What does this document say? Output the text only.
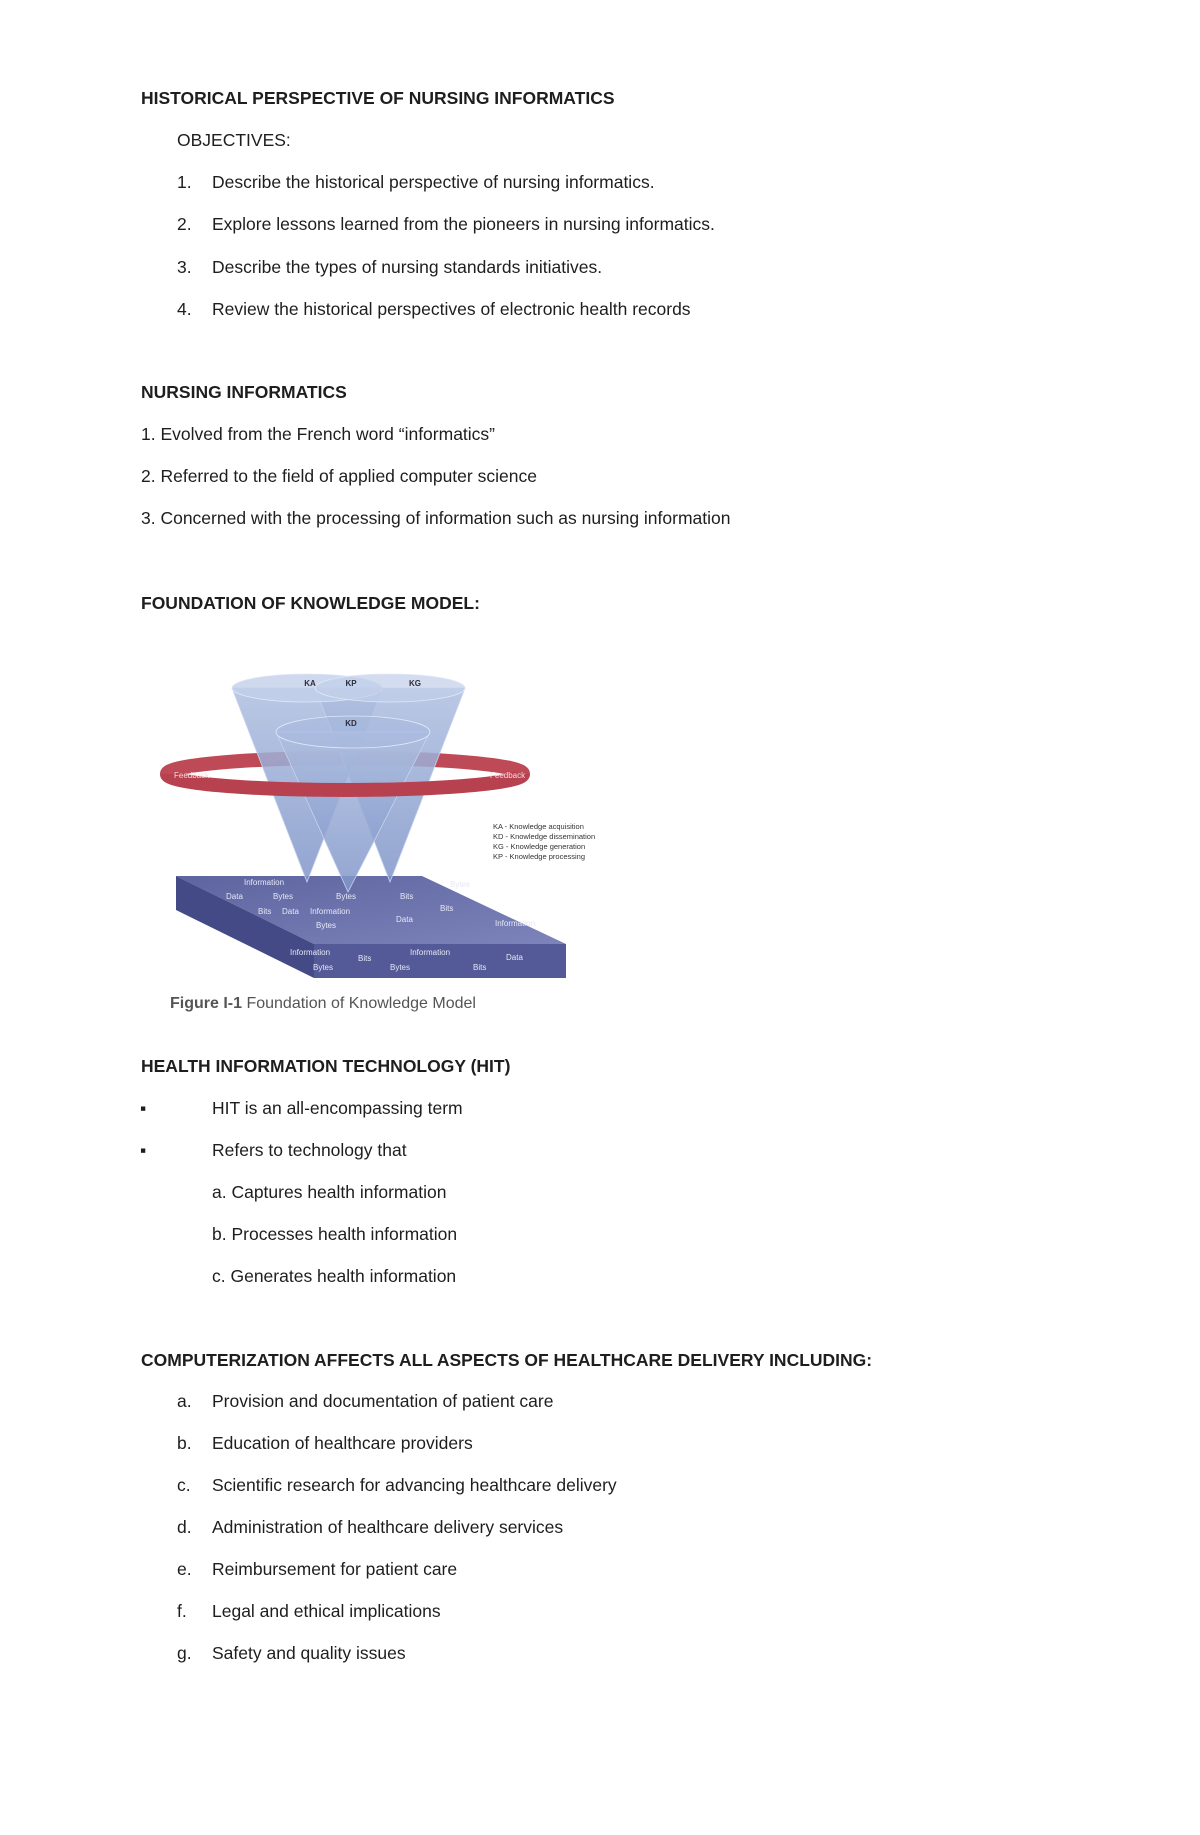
HISTORICAL PERSPECTIVE OF NURSING INFORMATICS
OBJECTIVES:
1. Describe the historical perspective of nursing informatics.
2. Explore lessons learned from the pioneers in nursing informatics.
3. Describe the types of nursing standards initiatives.
4. Review the historical perspectives of electronic health records
NURSING INFORMATICS
1. Evolved from the French word “informatics”
2. Referred to the field of applied computer science
3. Concerned with the processing of information such as nursing information
FOUNDATION OF KNOWLEDGE MODEL:
Information
Data	Bytes	Bytes
Bits Data Information
Bytes
Bits
Bits
Bytes
Data	Information
Information
Bits
Information
Bytes	Bytes	Bits
Data
KA	KP	KG
KD
Feedback	Feedback
KA - Knowledge acquisition
KD - Knowledge dissemination
KG - Knowledge generation
KP - Knowledge processing
Figure I-1 Foundation of Knowledge Model
HEALTH INFORMATION TECHNOLOGY (HIT)
▪	HIT is an all-encompassing term
▪	Refers to technology that
a. Captures health information
b. Processes health information
c. Generates health information
COMPUTERIZATION AFFECTS ALL ASPECTS OF HEALTHCARE DELIVERY INCLUDING:
a. Provision and documentation of patient care
b. Education of healthcare providers
c. Scientific research for advancing healthcare delivery
d. Administration of healthcare delivery services
e. Reimbursement for patient care
f. Legal and ethical implications
g. Safety and quality issues
